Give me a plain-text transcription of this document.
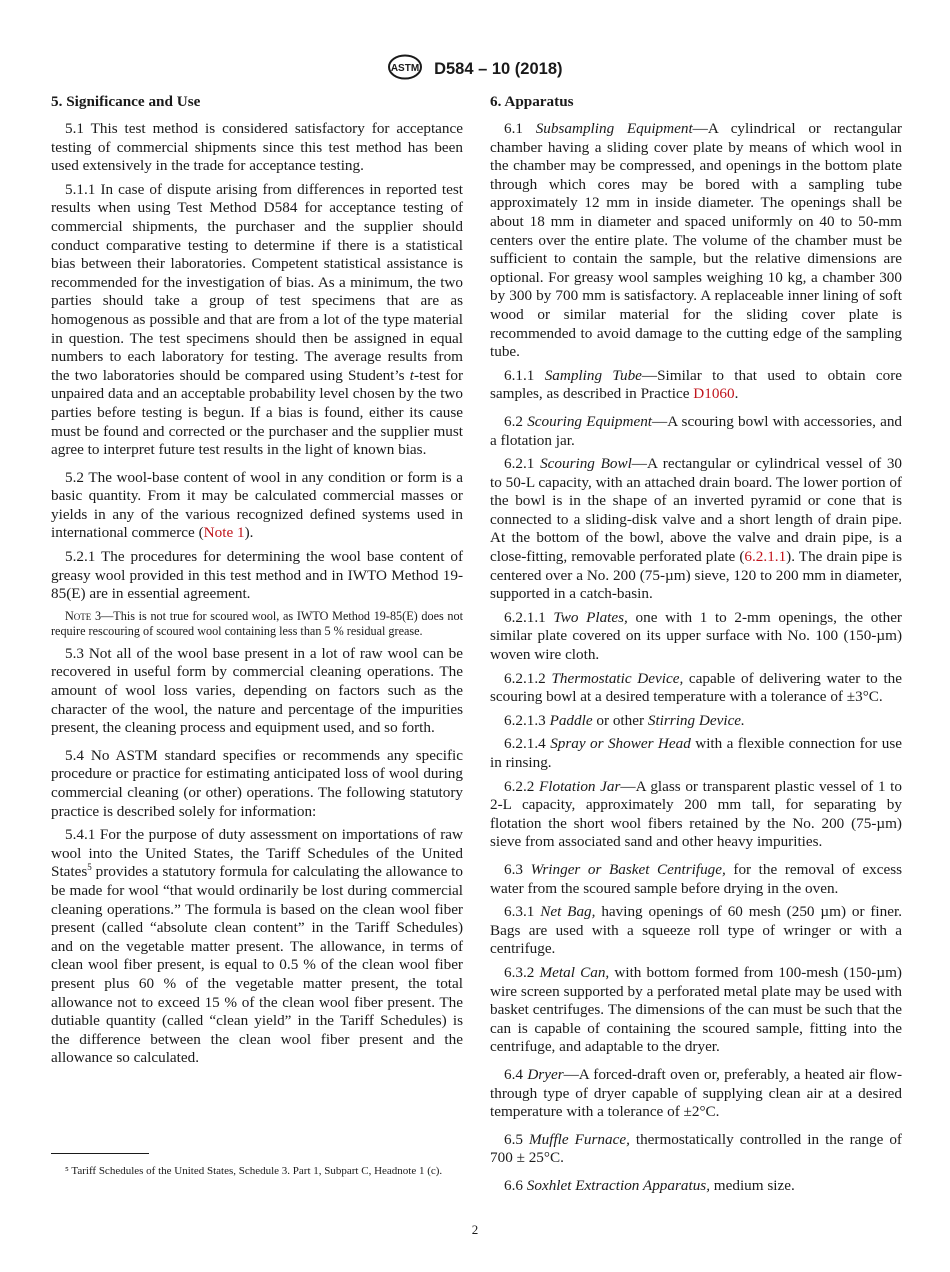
ASTM D584 – 10 (2018)
5. Significance and Use

5.1 This test method is considered satisfactory for acceptance testing of commercial shipments since this test method has been used extensively in the trade for acceptance testing.

5.1.1 In case of dispute arising from differences in reported test results when using Test Method D584 for acceptance testing of commercial shipments, the purchaser and the supplier should conduct comparative testing to determine if there is a statistical bias between their laboratories. Competent statistical assistance is recommended for the investigation of bias. As a minimum, the two parties should take a group of test specimens that are as homogenous as possible and that are from a lot of the type material in question. The test specimens should then be assigned in equal numbers to each laboratory for testing. The average results from the two laboratories should be compared using Student’s t-test for unpaired data and an acceptable probability level chosen by the two parties before testing is begun. If a bias is found, either its cause must be found and corrected or the purchaser and the supplier must agree to interpret future test results in the light of known bias.

5.2 The wool-base content of wool in any condition or form is a basic quantity. From it may be calculated commercial masses or yields in any of the various recognized defined systems used in international commerce (Note 1).

5.2.1 The procedures for determining the wool base content of greasy wool provided in this test method and in IWTO Method 19-85(E) are in essential agreement.

Note 3—This is not true for scoured wool, as IWTO Method 19-85(E) does not require rescouring of scoured wool containing less than 5 % residual grease.

5.3 Not all of the wool base present in a lot of raw wool can be recovered in useful form by commercial cleaning operations. The amount of wool loss varies, depending on factors such as the character of the wool, the nature and percentage of the impurities present, the cleaning process and equipment used, and so forth.

5.4 No ASTM standard specifies or recommends any specific procedure or practice for estimating anticipated loss of wool during commercial cleaning (or other) operations. The following statutory practice is described solely for information:

5.4.1 For the purpose of duty assessment on importations of raw wool into the United States, the Tariff Schedules of the United States$^5$ provides a statutory formula for calculating the allowance to be made for wool “that would ordinarily be lost during commercial cleaning operations.” The formula is based on the clean wool fiber present (called “absolute clean content” in the Tariff Schedules) and on the vegetable matter present. The allowance, in terms of clean wool fiber present, is equal to 0.5 % of the clean wool fiber present plus 60 % of the vegetable matter present, the total allowance not to exceed 15 % of the clean wool fiber present. The dutiable quantity (called “clean yield” in the Tariff Schedules) is the difference between the clean wool fiber present and the allowance so calculated.

⁵ Tariff Schedules of the United States, Schedule 3. Part 1, Subpart C, Headnote 1 (c).
6. Apparatus

6.1 Subsampling Equipment—A cylindrical or rectangular chamber having a sliding cover plate by means of which wool in the chamber may be compressed, and openings in the bottom plate through which cores may be bored with a sampling tube approximately 12 mm in inside diameter. The openings shall be about 18 mm in diameter and spaced uniformly on 40 to 50-mm centers over the entire plate. The volume of the chamber must be sufficient to contain the sample, but the relative dimensions are optional. For greasy wool samples weighing 10 kg, a chamber 300 by 300 by 700 mm is satisfactory. A replaceable inner lining of soft wood or similar material for the sliding cover plate is recommended to avoid damage to the cutting edge of the sampling tube.

6.1.1 Sampling Tube—Similar to that used to obtain core samples, as described in Practice D1060.

6.2 Scouring Equipment—A scouring bowl with accessories, and a flotation jar.

6.2.1 Scouring Bowl—A rectangular or cylindrical vessel of 30 to 50-L capacity, with an attached drain board. The lower portion of the bowl is in the shape of an inverted pyramid or cone that is connected to a sliding-disk valve and a short length of drain pipe. At the bottom of the bowl, above the valve and drain pipe, is a close-fitting, removable perforated plate (6.2.1.1). The drain pipe is centered over a No. 200 (75-µm) sieve, 120 to 200 mm in diameter, supported in a catch-basin.

6.2.1.1 Two Plates, one with 1 to 2-mm openings, the other similar plate covered on its upper surface with No. 100 (150-µm) woven wire cloth.

6.2.1.2 Thermostatic Device, capable of delivering water to the scouring bowl at a desired temperature with a tolerance of ±3°C.

6.2.1.3 Paddle or other Stirring Device.

6.2.1.4 Spray or Shower Head with a flexible connection for use in rinsing.

6.2.2 Flotation Jar—A glass or transparent plastic vessel of 1 to 2-L capacity, approximately 200 mm tall, for separating by flotation the short wool fibers retained by the No. 200 (75-µm) sieve from associated sand and other heavy impurities.

6.3 Wringer or Basket Centrifuge, for the removal of excess water from the scoured sample before drying in the oven.

6.3.1 Net Bag, having openings of 60 mesh (250 µm) or finer. Bags are used with a squeeze roll type of wringer or with a centrifuge.

6.3.2 Metal Can, with bottom formed from 100-mesh (150-µm) wire screen supported by a perforated metal plate may be used with basket centrifuges. The dimensions of the can must be such that the can is capable of containing the scoured sample, fitting into the centrifuge, and adaptable to the dryer.

6.4 Dryer—A forced-draft oven or, preferably, a heated air flow-through type of dryer capable of supplying clean air at a desired temperature with a tolerance of ±2°C.

6.5 Muffle Furnace, thermostatically controlled in the range of 700 ± 25°C.

6.6 Soxhlet Extraction Apparatus, medium size.

2
